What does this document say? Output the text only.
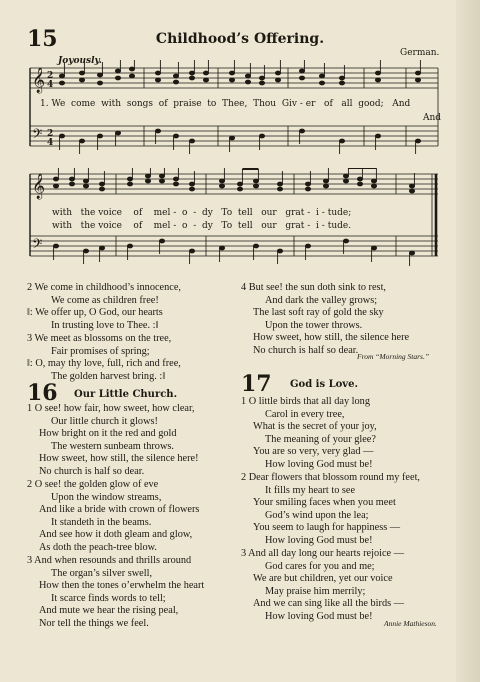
15	Childhood’s Offering.
Joyously.
German.
𝄞 2
4
𝄢 2
4
1. We come with songs of praise to Thee, Thou Giv - er of all good; And
And
𝄞
𝄢
with the voice of mel - o - dy To tell our grat - i - tude;
with the voice of mel - o - dy To tell our grat - i - tude.
2 We come in childhood’s innocence,
We come as children free!
‖: We offer up, O God, our hearts
In trusting love to Thee. :‖
3 We meet as blossoms on the tree,
Fair promises of spring;
‖: O, may thy love, full, rich and free,
The golden harvest bring. :‖
4 But see! the sun doth sink to rest,
And dark the valley grows;
The last soft ray of gold the sky
Upon the tower throws.
How sweet, how still, the silence here
No church is half so dear.
From “Morning Stars.”
16 Our Little Church.
1 O see! how fair, how sweet, how clear,
Our little church it glows!
How bright on it the red and gold
The western sunbeam throws.
How sweet, how still, the silence here!
No church is half so dear.
2 O see! the golden glow of eve
Upon the window streams,
And like a bride with crown of flowers
It standeth in the beams.
And see how it doth gleam and glow,
As doth the peach-tree blow.
3 And when resounds and thrills around
The organ’s silver swell,
How then the tones o’erwhelm the heart
It scarce finds words to tell;
And mute we hear the rising peal,
Nor tell the things we feel.
17 God is Love.
1 O little birds that all day long
Carol in every tree,
What is the secret of your joy,
The meaning of your glee?
You are so very, very glad —
How loving God must be!
2 Dear flowers that blossom round my feet,
It fills my heart to see
Your smiling faces when you meet
God’s wind upon the lea;
You seem to laugh for happiness —
How loving God must be!
3 And all day long our hearts rejoice —
God cares for you and me;
We are but children, yet our voice
May praise him merrily;
And we can sing like all the birds —
How loving God must be!
Annie Mathieson.
